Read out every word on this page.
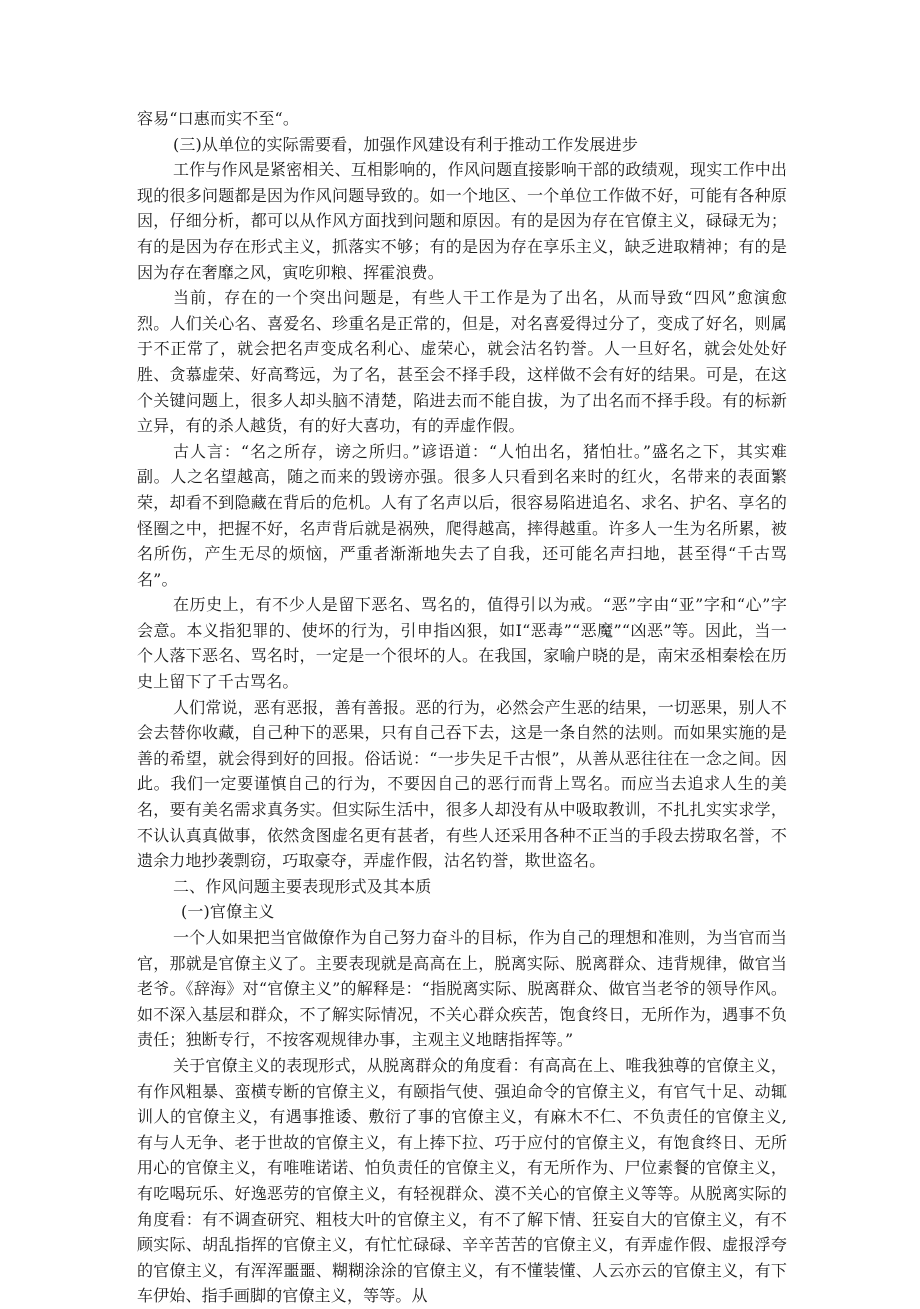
容易“口惠而实不至“。

(三)从单位的实际需要看，加强作风建设有利于推动工作发展进步

工作与作风是紧密相关、互相影响的，作风问题直接影响干部的政绩观，现实工作中出现的很多问题都是因为作风问题导致的。如一个地区、一个单位工作做不好，可能有各种原因，仔细分析，都可以从作风方面找到问题和原因。有的是因为存在官僚主义，碌碌无为；有的是因为存在形式主义，抓落实不够；有的是因为存在享乐主义，缺乏进取精神；有的是因为存在奢靡之风，寅吃卯粮、挥霍浪费。

当前，存在的一个突出问题是，有些人干工作是为了出名，从而导致“四风”愈演愈烈。人们关心名、喜爱名、珍重名是正常的，但是，对名喜爱得过分了，变成了好名，则属于不正常了，就会把名声变成名利心、虚荣心，就会沽名钓誉。人一旦好名，就会处处好胜、贪慕虚荣、好高骛远，为了名，甚至会不择手段，这样做不会有好的结果。可是，在这个关键问题上，很多人却头脑不清楚，陷进去而不能自拔，为了出名而不择手段。有的标新立异，有的杀人越货，有的好大喜功，有的弄虚作假。

古人言：“名之所存，谤之所归。”谚语道：“人怕出名，猪怕壮。”盛名之下，其实难副。人之名望越高，随之而来的毁谤亦强。很多人只看到名来时的红火，名带来的表面繁荣，却看不到隐藏在背后的危机。人有了名声以后，很容易陷进追名、求名、护名、享名的怪圈之中，把握不好，名声背后就是祸殃，爬得越高，摔得越重。许多人一生为名所累，被名所伤，产生无尽的烦恼，严重者渐渐地失去了自我，还可能名声扫地，甚至得“千古骂名”。

在历史上，有不少人是留下恶名、骂名的，值得引以为戒。“恶”字由“亚”字和“心”字会意。本义指犯罪的、使坏的行为，引申指凶狠，如I“恶毒”“恶魔”“凶恶”等。因此，当一个人落下恶名、骂名时，一定是一个很坏的人。在我国，家喻户晓的是，南宋丞相秦桧在历史上留下了千古骂名。

人们常说，恶有恶报，善有善报。恶的行为，必然会产生恶的结果，一切恶果，别人不会去替你收藏，自己种下的恶果，只有自己吞下去，这是一条自然的法则。而如果实施的是善的希望，就会得到好的回报。俗话说：“一步失足千古恨”，从善从恶往往在一念之间。因此。我们一定要谨慎自己的行为，不要因自己的恶行而背上骂名。而应当去追求人生的美名，要有美名需求真务实。但实际生活中，很多人却没有从中吸取教训，不扎扎实实求学，不认认真真做事，依然贪图虚名更有甚者，有些人还采用各种不正当的手段去捞取名誉，不遗余力地抄袭剽窃，巧取豪夺，弄虚作假，沽名钓誉，欺世盗名。

二、作风问题主要表现形式及其本质

(一)官僚主义

一个人如果把当官做僚作为自己努力奋斗的目标，作为自己的理想和准则，为当官而当官，那就是官僚主义了。主要表现就是高高在上，脱离实际、脱离群众、违背规律，做官当老爷。《辞海》对“官僚主义”的解释是：“指脱离实际、脱离群众、做官当老爷的领导作风。如不深入基层和群众，不了解实际情况，不关心群众疾苦，饱食终日，无所作为，遇事不负责任；独断专行，不按客观规律办事，主观主义地瞎指挥等。”

关于官僚主义的表现形式，从脱离群众的角度看：有高高在上、唯我独尊的官僚主义，有作风粗暴、蛮横专断的官僚主义，有颐指气使、强迫命令的官僚主义，有官气十足、动辄训人的官僚主义，有遇事推诿、敷衍了事的官僚主义，有麻木不仁、不负责任的官僚主义,有与人无争、老于世故的官僚主义，有上捧下拉、巧于应付的官僚主义，有饱食终日、无所用心的官僚主义，有唯唯诺诺、怕负责任的官僚主义，有无所作为、尸位素餐的官僚主义，有吃喝玩乐、好逸恶劳的官僚主义，有轻视群众、漠不关心的官僚主义等等。从脱离实际的角度看：有不调查研究、粗枝大叶的官僚主义，有不了解下情、狂妄自大的官僚主义，有不顾实际、胡乱指挥的官僚主义，有忙忙碌碌、辛辛苦苦的官僚主义，有弄虚作假、虚报浮夸的官僚主义，有浑浑噩噩、糊糊涂涂的官僚主义，有不懂装懂、人云亦云的官僚主义，有下车伊始、指手画脚的官僚主义，等等。从
